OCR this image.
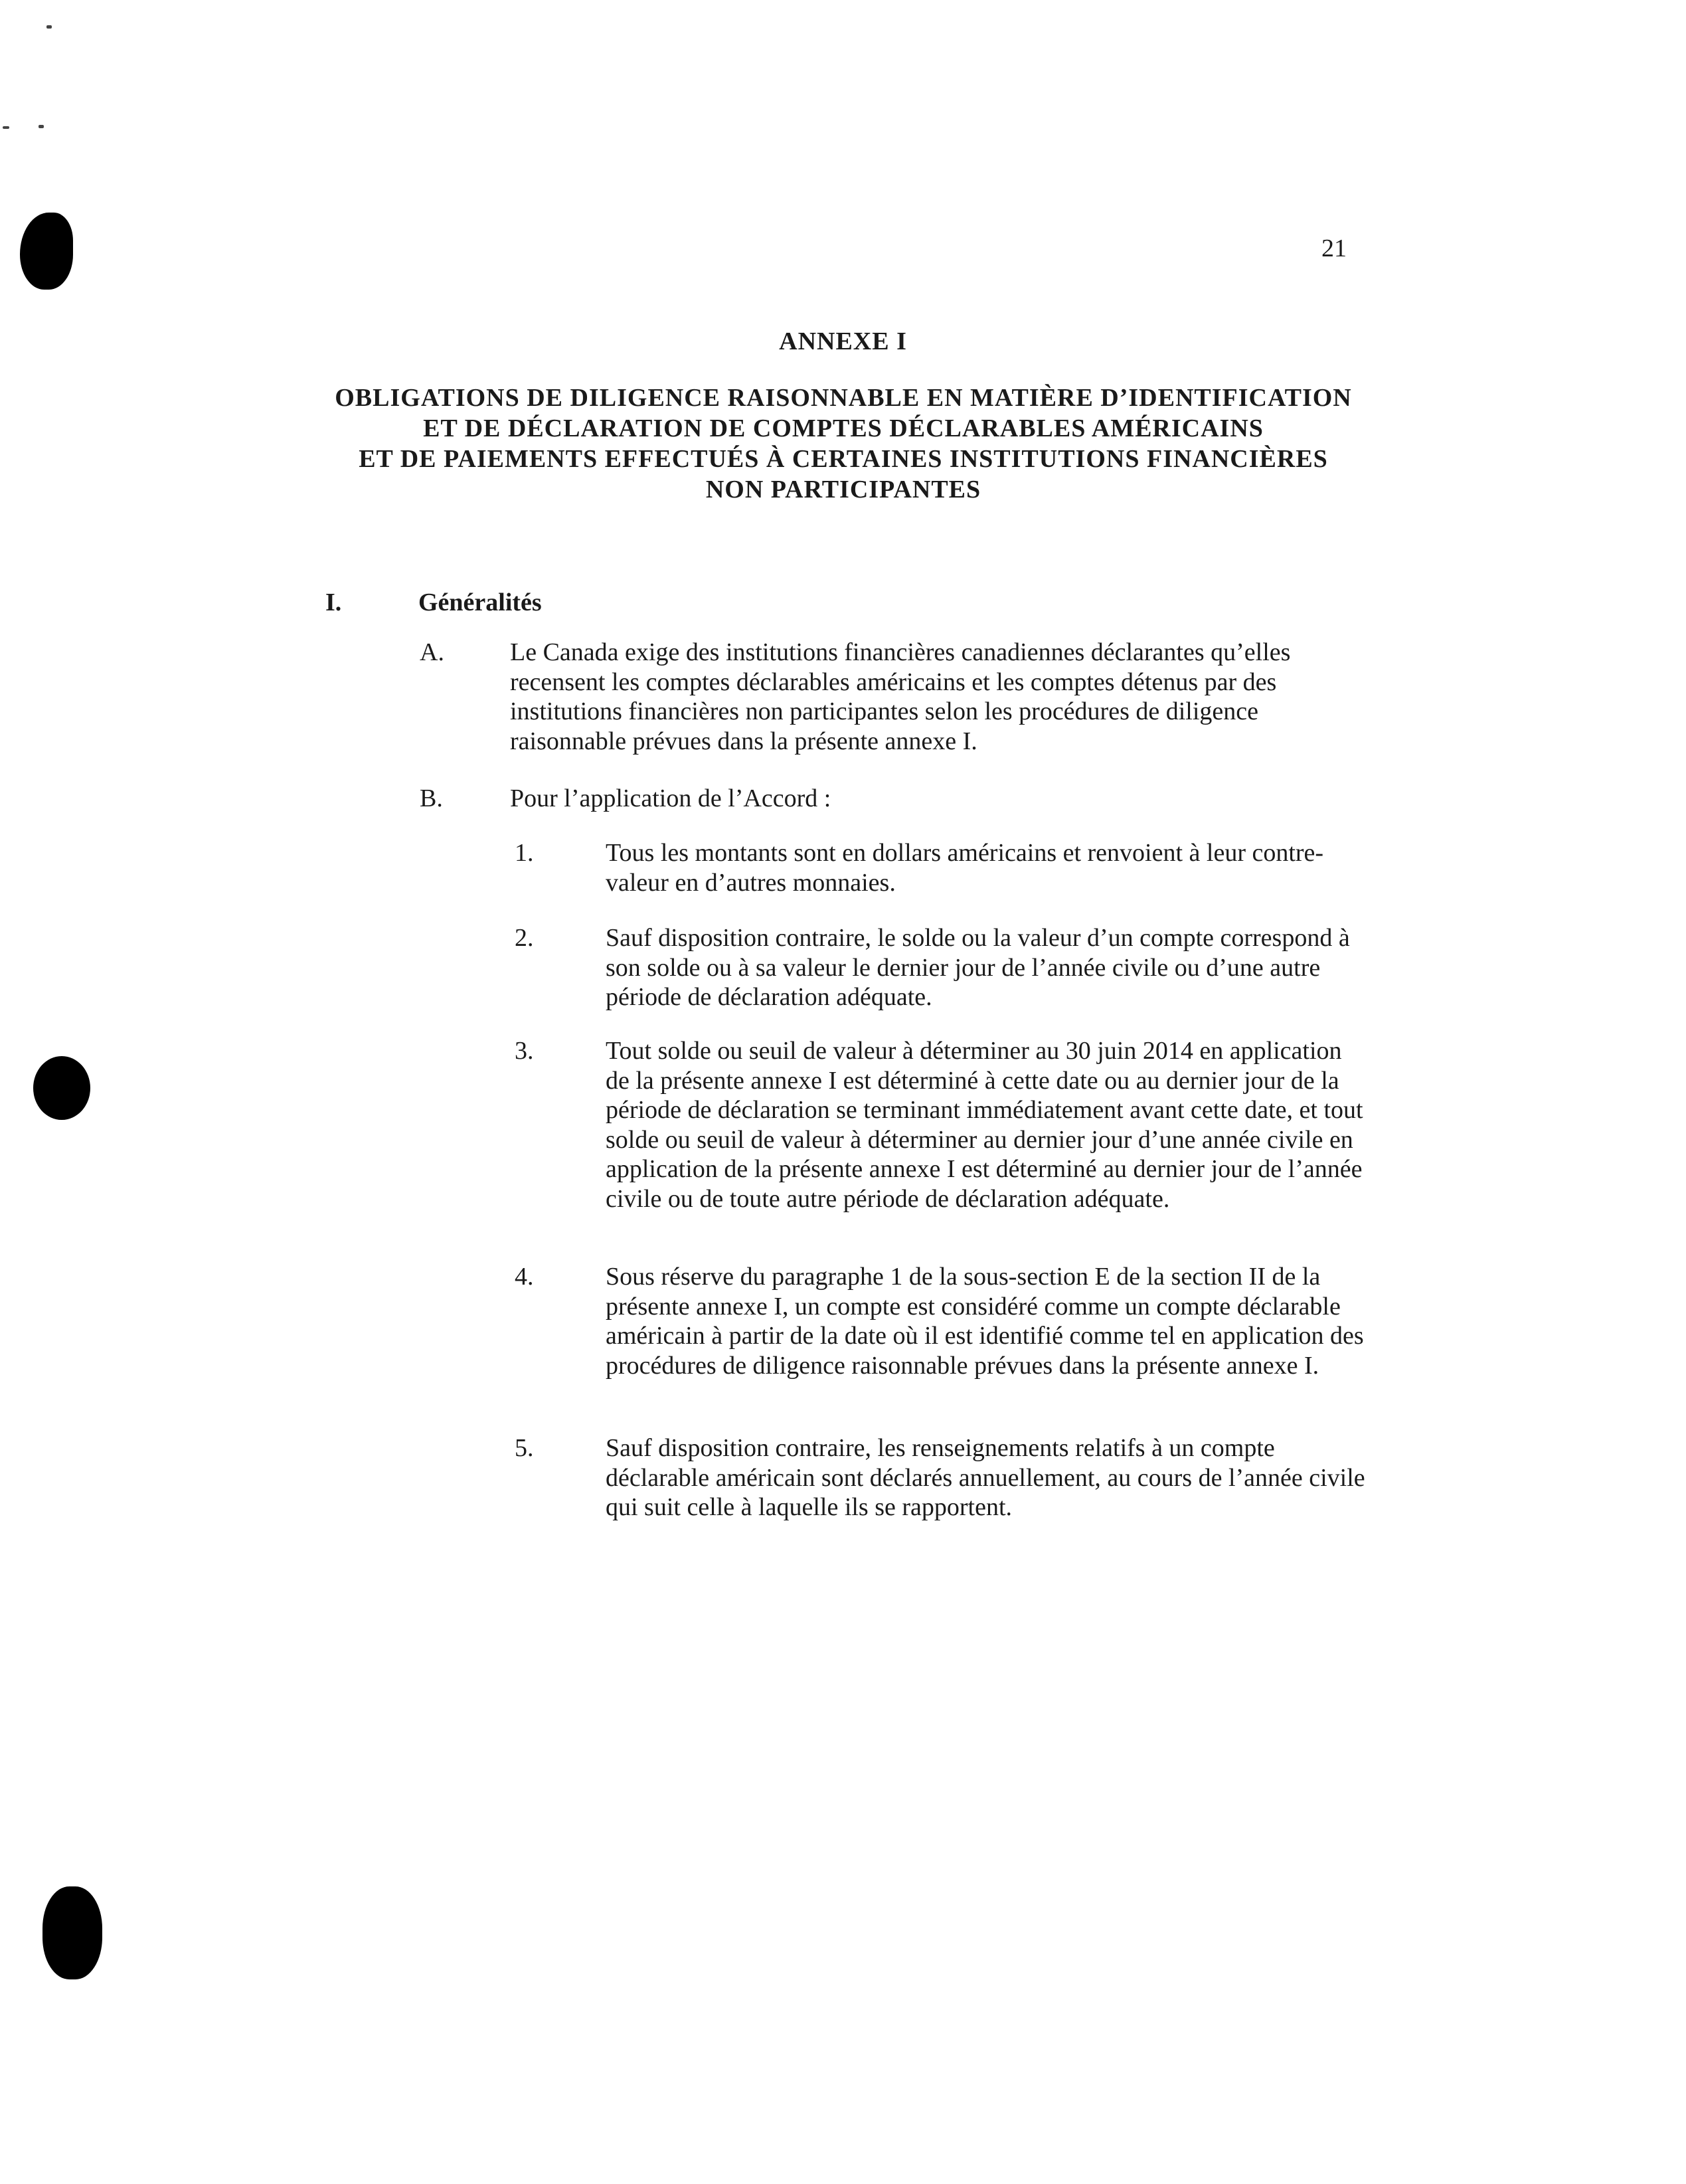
21
ANNEXE I
OBLIGATIONS DE DILIGENCE RAISONNABLE EN MATIÈRE D’IDENTIFICATION
ET DE DÉCLARATION DE COMPTES DÉCLARABLES AMÉRICAINS
ET DE PAIEMENTS EFFECTUÉS À CERTAINES INSTITUTIONS FINANCIÈRES
NON PARTICIPANTES
I.	Généralités
A.	Le Canada exige des institutions financières canadiennes déclarantes qu’elles recensent les comptes déclarables américains et les comptes détenus par des institutions financières non participantes selon les procédures de diligence raisonnable prévues dans la présente annexe I.

B.	Pour l’application de l’Accord :

1.	Tous les montants sont en dollars américains et renvoient à leur contre-valeur en d’autres monnaies.

2.	Sauf disposition contraire, le solde ou la valeur d’un compte correspond à son solde ou à sa valeur le dernier jour de l’année civile ou d’une autre période de déclaration adéquate.

3.	Tout solde ou seuil de valeur à déterminer au 30 juin 2014 en application de la présente annexe I est déterminé à cette date ou au dernier jour de la période de déclaration se terminant immédiatement avant cette date, et tout solde ou seuil de valeur à déterminer au dernier jour d’une année civile en application de la présente annexe I est déterminé au dernier jour de l’année civile ou de toute autre période de déclaration adéquate.

4.	Sous réserve du paragraphe 1 de la sous-section E de la section II de la présente annexe I, un compte est considéré comme un compte déclarable américain à partir de la date où il est identifié comme tel en application des procédures de diligence raisonnable prévues dans la présente annexe I.

5.	Sauf disposition contraire, les renseignements relatifs à un compte déclarable américain sont déclarés annuellement, au cours de l’année civile qui suit celle à laquelle ils se rapportent.
